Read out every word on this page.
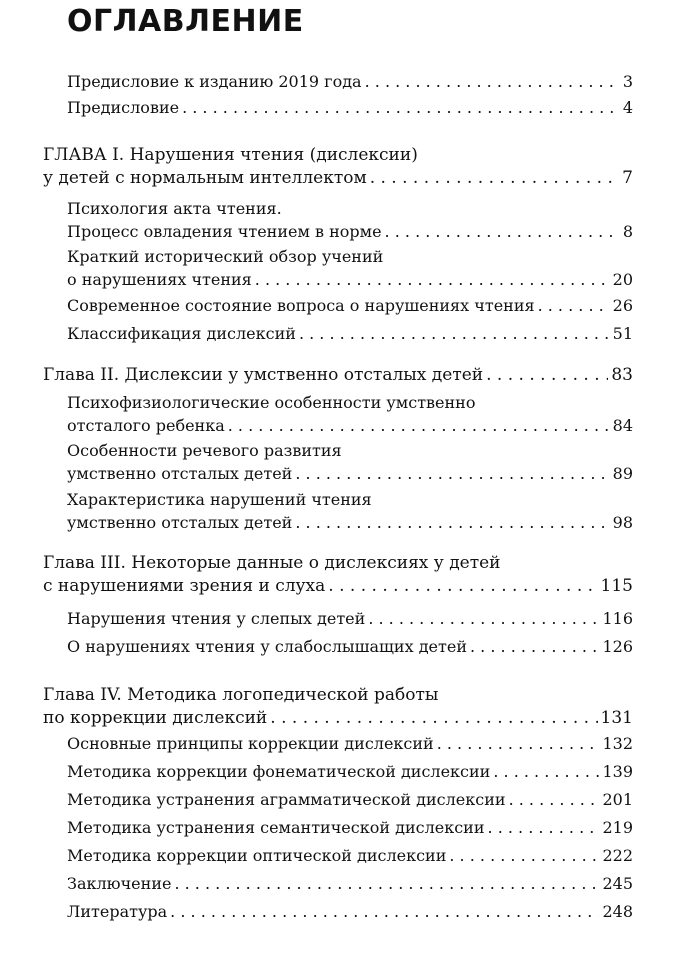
ОГЛАВЛЕНИЕ
Предисловие к изданию 2019 года . . .	3
Предисловие . . .	4
ГЛАВА I. Нарушения чтения (дислексии)
у детей с нормальным интеллектом . . .	7
Психология акта чтения.
Процесс овладения чтением в норме . . .	8
Краткий исторический обзор учений
о нарушениях чтения . . .	20
Современное состояние вопроса о нарушениях чтения . . .	26
Классификация дислексий . . .	51
Глава II. Дислексии у умственно отсталых детей . . .	83
Психофизиологические особенности умственно
отсталого ребенка . . .	84
Особенности речевого развития
умственно отсталых детей . . .	89
Характеристика нарушений чтения
умственно отсталых детей . . .	98
Глава III. Некоторые данные о дислексиях у детей
с нарушениями зрения и слуха . . .	115
Нарушения чтения у слепых детей . . .	116
О нарушениях чтения у слабослышащих детей . . .	126
Глава IV. Методика логопедической работы
по коррекции дислексий . . .	131
Основные принципы коррекции дислексий . . .	132
Методика коррекции фонематической дислексии . . .	139
Методика устранения аграмматической дислексии . . .	201
Методика устранения семантической дислексии . . .	219
Методика коррекции оптической дислексии . . .	222
Заключение . . .	245
Литература . . .	248
